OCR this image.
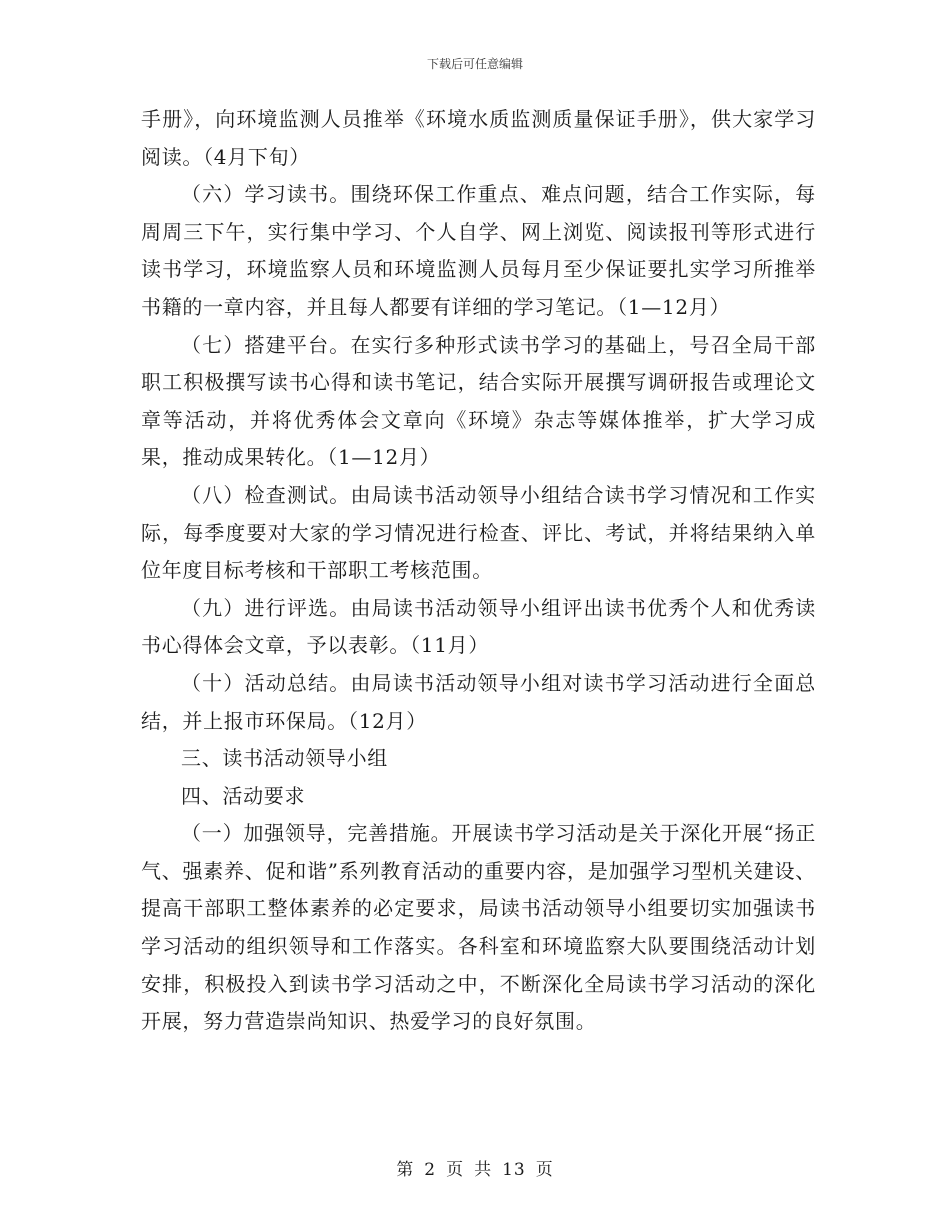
下载后可任意编辑

手册》，向环境监测人员推举《环境水质监测质量保证手册》，供大家学习阅读。（4月下旬）

（六）学习读书。围绕环保工作重点、难点问题，结合工作实际，每周周三下午，实行集中学习、个人自学、网上浏览、阅读报刊等形式进行读书学习，环境监察人员和环境监测人员每月至少保证要扎实学习所推举书籍的一章内容，并且每人都要有详细的学习笔记。（1—12月）

（七）搭建平台。在实行多种形式读书学习的基础上，号召全局干部职工积极撰写读书心得和读书笔记，结合实际开展撰写调研报告或理论文章等活动，并将优秀体会文章向《环境》杂志等媒体推举，扩大学习成果，推动成果转化。（1—12月）

（八）检查测试。由局读书活动领导小组结合读书学习情况和工作实际，每季度要对大家的学习情况进行检查、评比、考试，并将结果纳入单位年度目标考核和干部职工考核范围。

（九）进行评选。由局读书活动领导小组评出读书优秀个人和优秀读书心得体会文章，予以表彰。（11月）

（十）活动总结。由局读书活动领导小组对读书学习活动进行全面总结，并上报市环保局。（12月）

三、读书活动领导小组

四、活动要求

（一）加强领导，完善措施。开展读书学习活动是关于深化开展“扬正气、强素养、促和谐”系列教育活动的重要内容，是加强学习型机关建设、提高干部职工整体素养的必定要求，局读书活动领导小组要切实加强读书学习活动的组织领导和工作落实。各科室和环境监察大队要围绕活动计划安排，积极投入到读书学习活动之中，不断深化全局读书学习活动的深化开展，努力营造崇尚知识、热爱学习的良好氛围。

第 2 页 共 13 页
